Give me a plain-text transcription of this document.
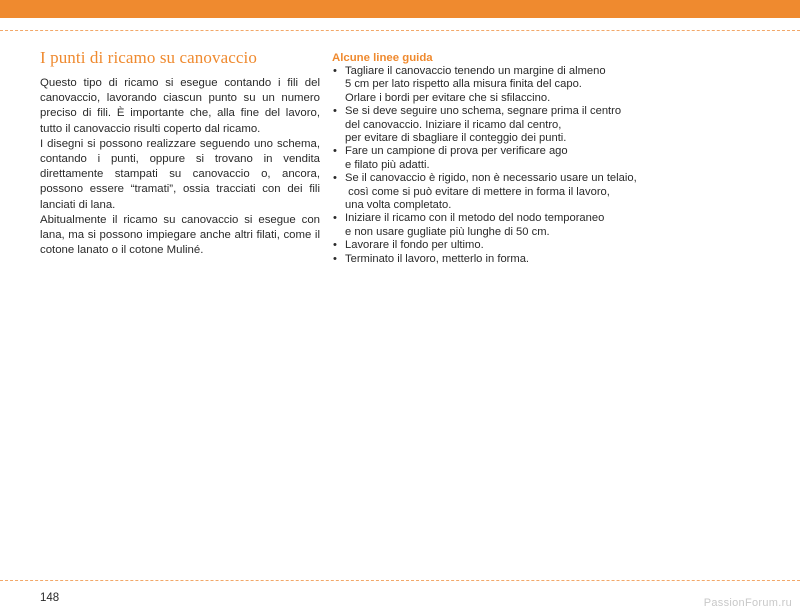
I punti di ricamo su canovaccio

Questo tipo di ricamo si esegue contando i fili del canovaccio, lavorando ciascun punto su un numero preciso di fili. È importante che, alla fine del lavoro, tutto il canovaccio risulti coperto dal ricamo.

I disegni si possono realizzare seguendo uno schema, contando i punti, oppure si trovano in vendita direttamente stampati su canovaccio o, ancora, possono essere “tramati”, ossia tracciati con dei fili lanciati di lana.

Abitualmente il ricamo su canovaccio si esegue con lana, ma si possono impiegare anche altri filati, come il cotone lanato o il cotone Muliné.

Alcune linee guida
• Tagliare il canovaccio tenendo un margine di almeno
5 cm per lato rispetto alla misura finita del capo.
Orlare i bordi per evitare che si sfilaccino.
• Se si deve seguire uno schema, segnare prima il centro
del canovaccio. Iniziare il ricamo dal centro,
per evitare di sbagliare il conteggio dei punti.
• Fare un campione di prova per verificare ago
e filato più adatti.
• Se il canovaccio è rigido, non è necessario usare un telaio,
così come si può evitare di mettere in forma il lavoro,
una volta completato.
• Iniziare il ricamo con il metodo del nodo temporaneo
e non usare gugliate più lunghe di 50 cm.
• Lavorare il fondo per ultimo.
• Terminato il lavoro, metterlo in forma.
148	PassionForum.ru
